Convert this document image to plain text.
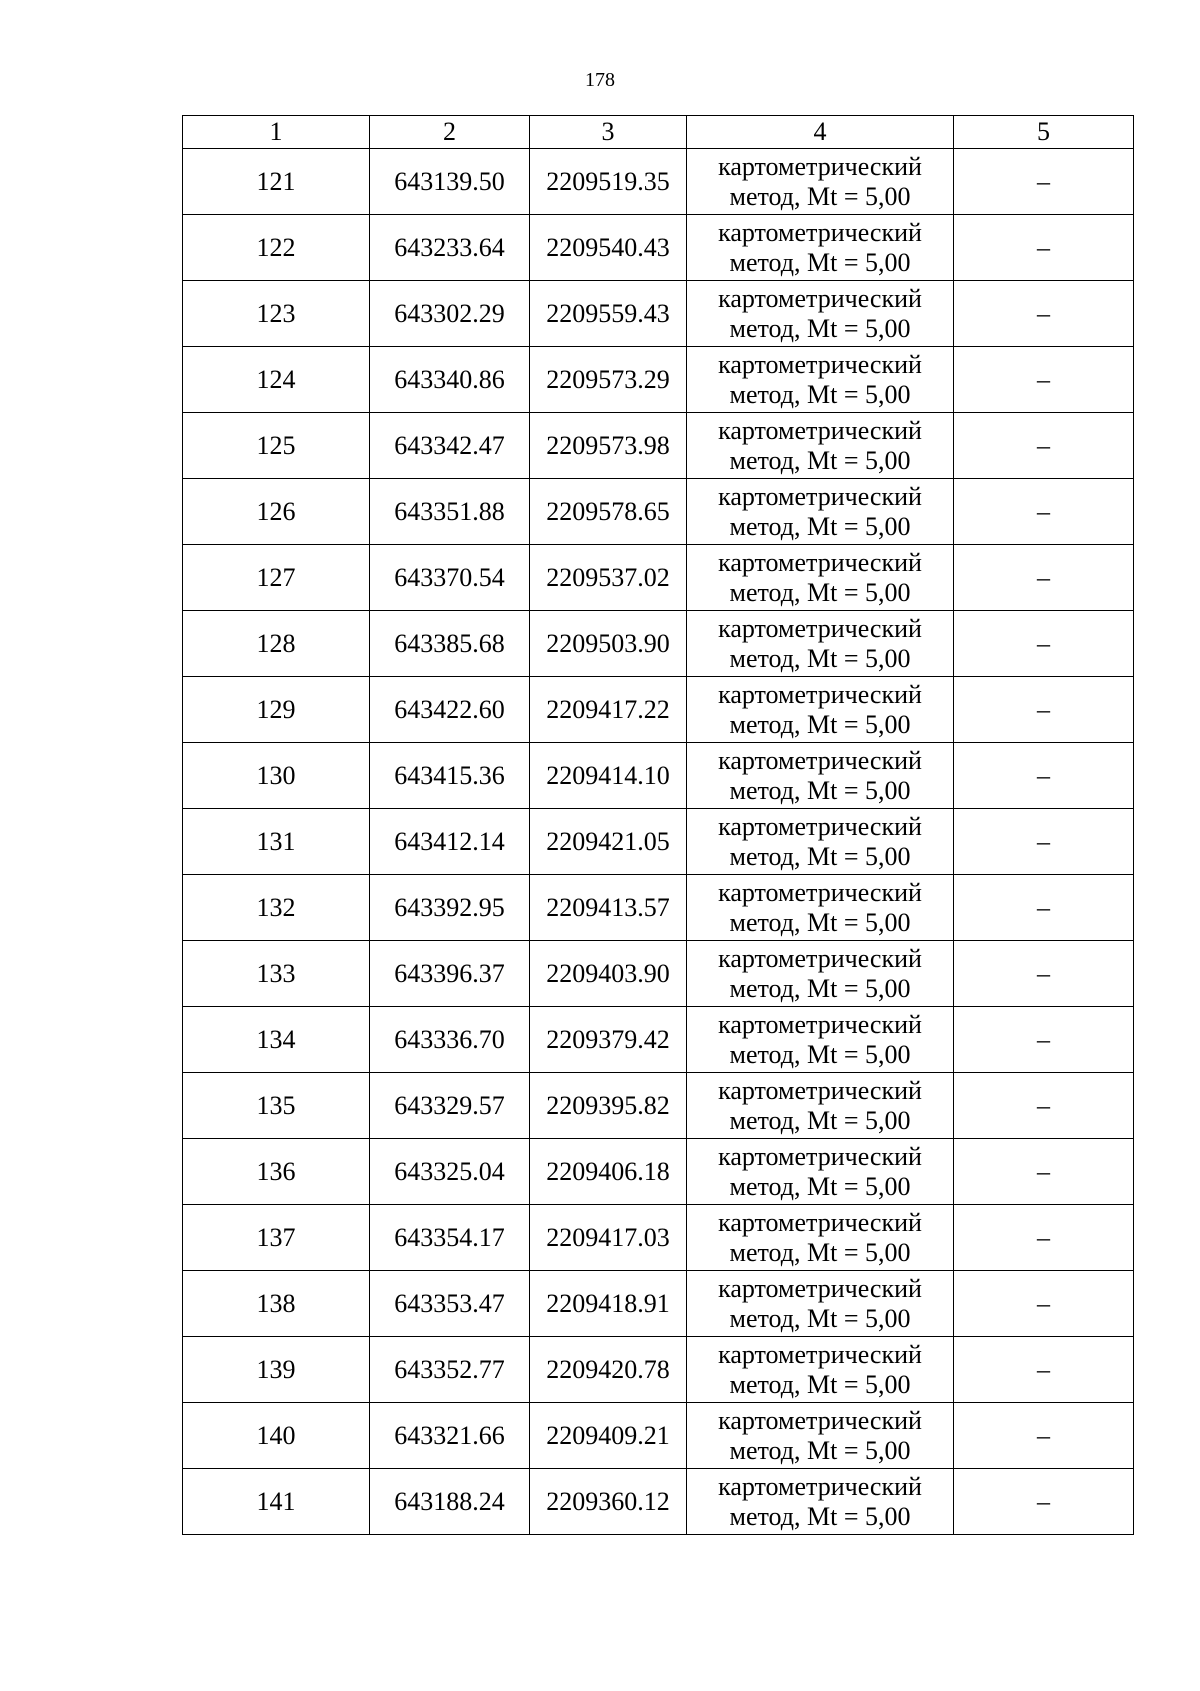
178
1	2	3	4	5
121	643139.50	2209519.35	картометрический
метод, Mt = 5,00	–
122	643233.64	2209540.43	картометрический
метод, Mt = 5,00	–
123	643302.29	2209559.43	картометрический
метод, Mt = 5,00	–
124	643340.86	2209573.29	картометрический
метод, Mt = 5,00	–
125	643342.47	2209573.98	картометрический
метод, Mt = 5,00	–
126	643351.88	2209578.65	картометрический
метод, Mt = 5,00	–
127	643370.54	2209537.02	картометрический
метод, Mt = 5,00	–
128	643385.68	2209503.90	картометрический
метод, Mt = 5,00	–
129	643422.60	2209417.22	картометрический
метод, Mt = 5,00	–
130	643415.36	2209414.10	картометрический
метод, Mt = 5,00	–
131	643412.14	2209421.05	картометрический
метод, Mt = 5,00	–
132	643392.95	2209413.57	картометрический
метод, Mt = 5,00	–
133	643396.37	2209403.90	картометрический
метод, Mt = 5,00	–
134	643336.70	2209379.42	картометрический
метод, Mt = 5,00	–
135	643329.57	2209395.82	картометрический
метод, Mt = 5,00	–
136	643325.04	2209406.18	картометрический
метод, Mt = 5,00	–
137	643354.17	2209417.03	картометрический
метод, Mt = 5,00	–
138	643353.47	2209418.91	картометрический
метод, Mt = 5,00	–
139	643352.77	2209420.78	картометрический
метод, Mt = 5,00	–
140	643321.66	2209409.21	картометрический
метод, Mt = 5,00	–
141	643188.24	2209360.12	картометрический
метод, Mt = 5,00	–
